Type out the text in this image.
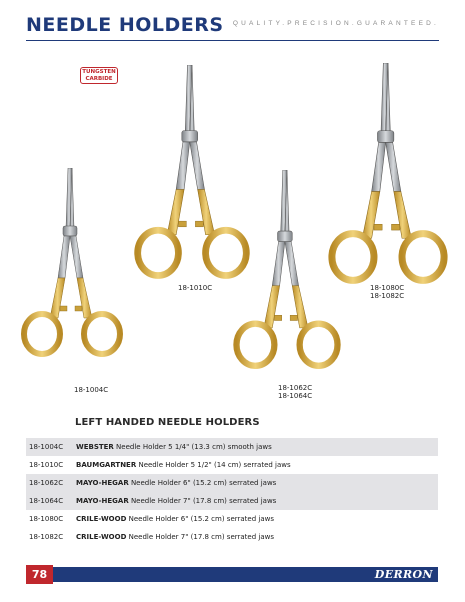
NEEDLE HOLDERS QUALITY.PRECISION.GUARANTEED.
TUNGSTEN
CARBIDE
18-1004C
18-1010C
18-1062C
18-1064C
18-1080C
18-1082C
LEFT HANDED NEEDLE HOLDERS
18-1004C	WEBSTER Needle Holder 5 1/4" (13.3 cm) smooth jaws
18-1010C	BAUMGARTNER Needle Holder 5 1/2" (14 cm) serrated jaws
18-1062C	MAYO-HEGAR Needle Holder 6" (15.2 cm) serrated jaws
18-1064C	MAYO-HEGAR Needle Holder 7" (17.8 cm) serrated jaws
18-1080C	CRILE-WOOD Needle Holder 6" (15.2 cm) serrated jaws
18-1082C	CRILE-WOOD Needle Holder 7" (17.8 cm) serrated jaws
78	DERRON
